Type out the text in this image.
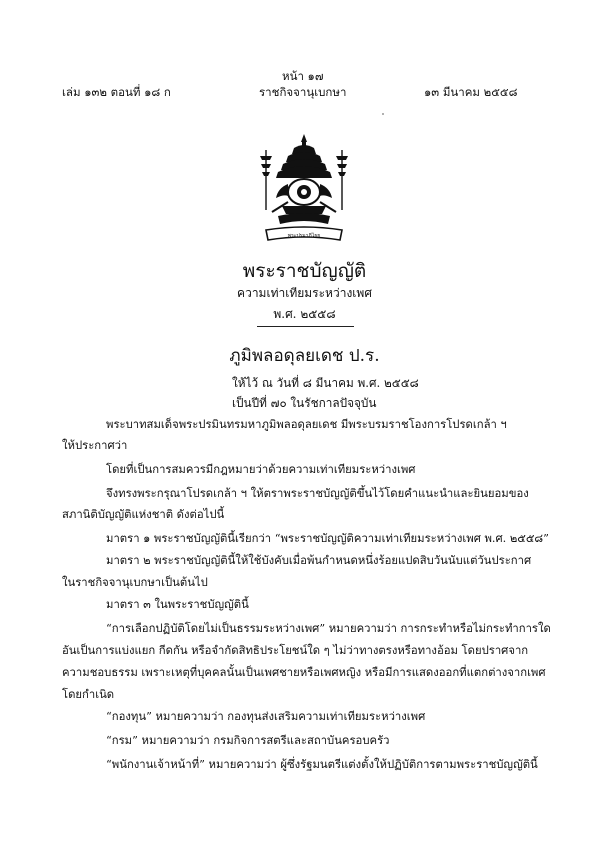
หน้า ๑๗
เล่ม ๑๓๒ ตอนที่ ๑๘ ก	ราชกิจจานุเบกษา	๑๓ มีนาคม ๒๕๕๘
พระปรมาภิไธย
พระราชบัญญัติ
ความเท่าเทียมระหว่างเพศ
พ.ศ. ๒๕๕๘
ภูมิพลอดุลยเดช ป.ร.
ให้ไว้ ณ วันที่ ๘ มีนาคม พ.ศ. ๒๕๕๘
เป็นปีที่ ๗๐ ในรัชกาลปัจจุบัน
พระบาทสมเด็จพระปรมินทรมหาภูมิพลอดุลยเดช มีพระบรมราชโองการโปรดเกล้า ฯ
ให้ประกาศว่า
โดยที่เป็นการสมควรมีกฎหมายว่าด้วยความเท่าเทียมระหว่างเพศ
จึงทรงพระกรุณาโปรดเกล้า ฯ ให้ตราพระราชบัญญัติขึ้นไว้โดยคำแนะนำและยินยอมของ
สภานิติบัญญัติแห่งชาติ ดังต่อไปนี้
มาตรา ๑ พระราชบัญญัตินี้เรียกว่า “พระราชบัญญัติความเท่าเทียมระหว่างเพศ พ.ศ. ๒๕๕๘”
มาตรา ๒ พระราชบัญญัตินี้ให้ใช้บังคับเมื่อพ้นกำหนดหนึ่งร้อยแปดสิบวันนับแต่วันประกาศ
ในราชกิจจานุเบกษาเป็นต้นไป
มาตรา ๓ ในพระราชบัญญัตินี้
“การเลือกปฏิบัติโดยไม่เป็นธรรมระหว่างเพศ” หมายความว่า การกระทำหรือไม่กระทำการใด
อันเป็นการแบ่งแยก กีดกัน หรือจำกัดสิทธิประโยชน์ใด ๆ ไม่ว่าทางตรงหรือทางอ้อม โดยปราศจาก
ความชอบธรรม เพราะเหตุที่บุคคลนั้นเป็นเพศชายหรือเพศหญิง หรือมีการแสดงออกที่แตกต่างจากเพศ
โดยกำเนิด
“กองทุน” หมายความว่า กองทุนส่งเสริมความเท่าเทียมระหว่างเพศ
“กรม” หมายความว่า กรมกิจการสตรีและสถาบันครอบครัว
“พนักงานเจ้าหน้าที่” หมายความว่า ผู้ซึ่งรัฐมนตรีแต่งตั้งให้ปฏิบัติการตามพระราชบัญญัตินี้
